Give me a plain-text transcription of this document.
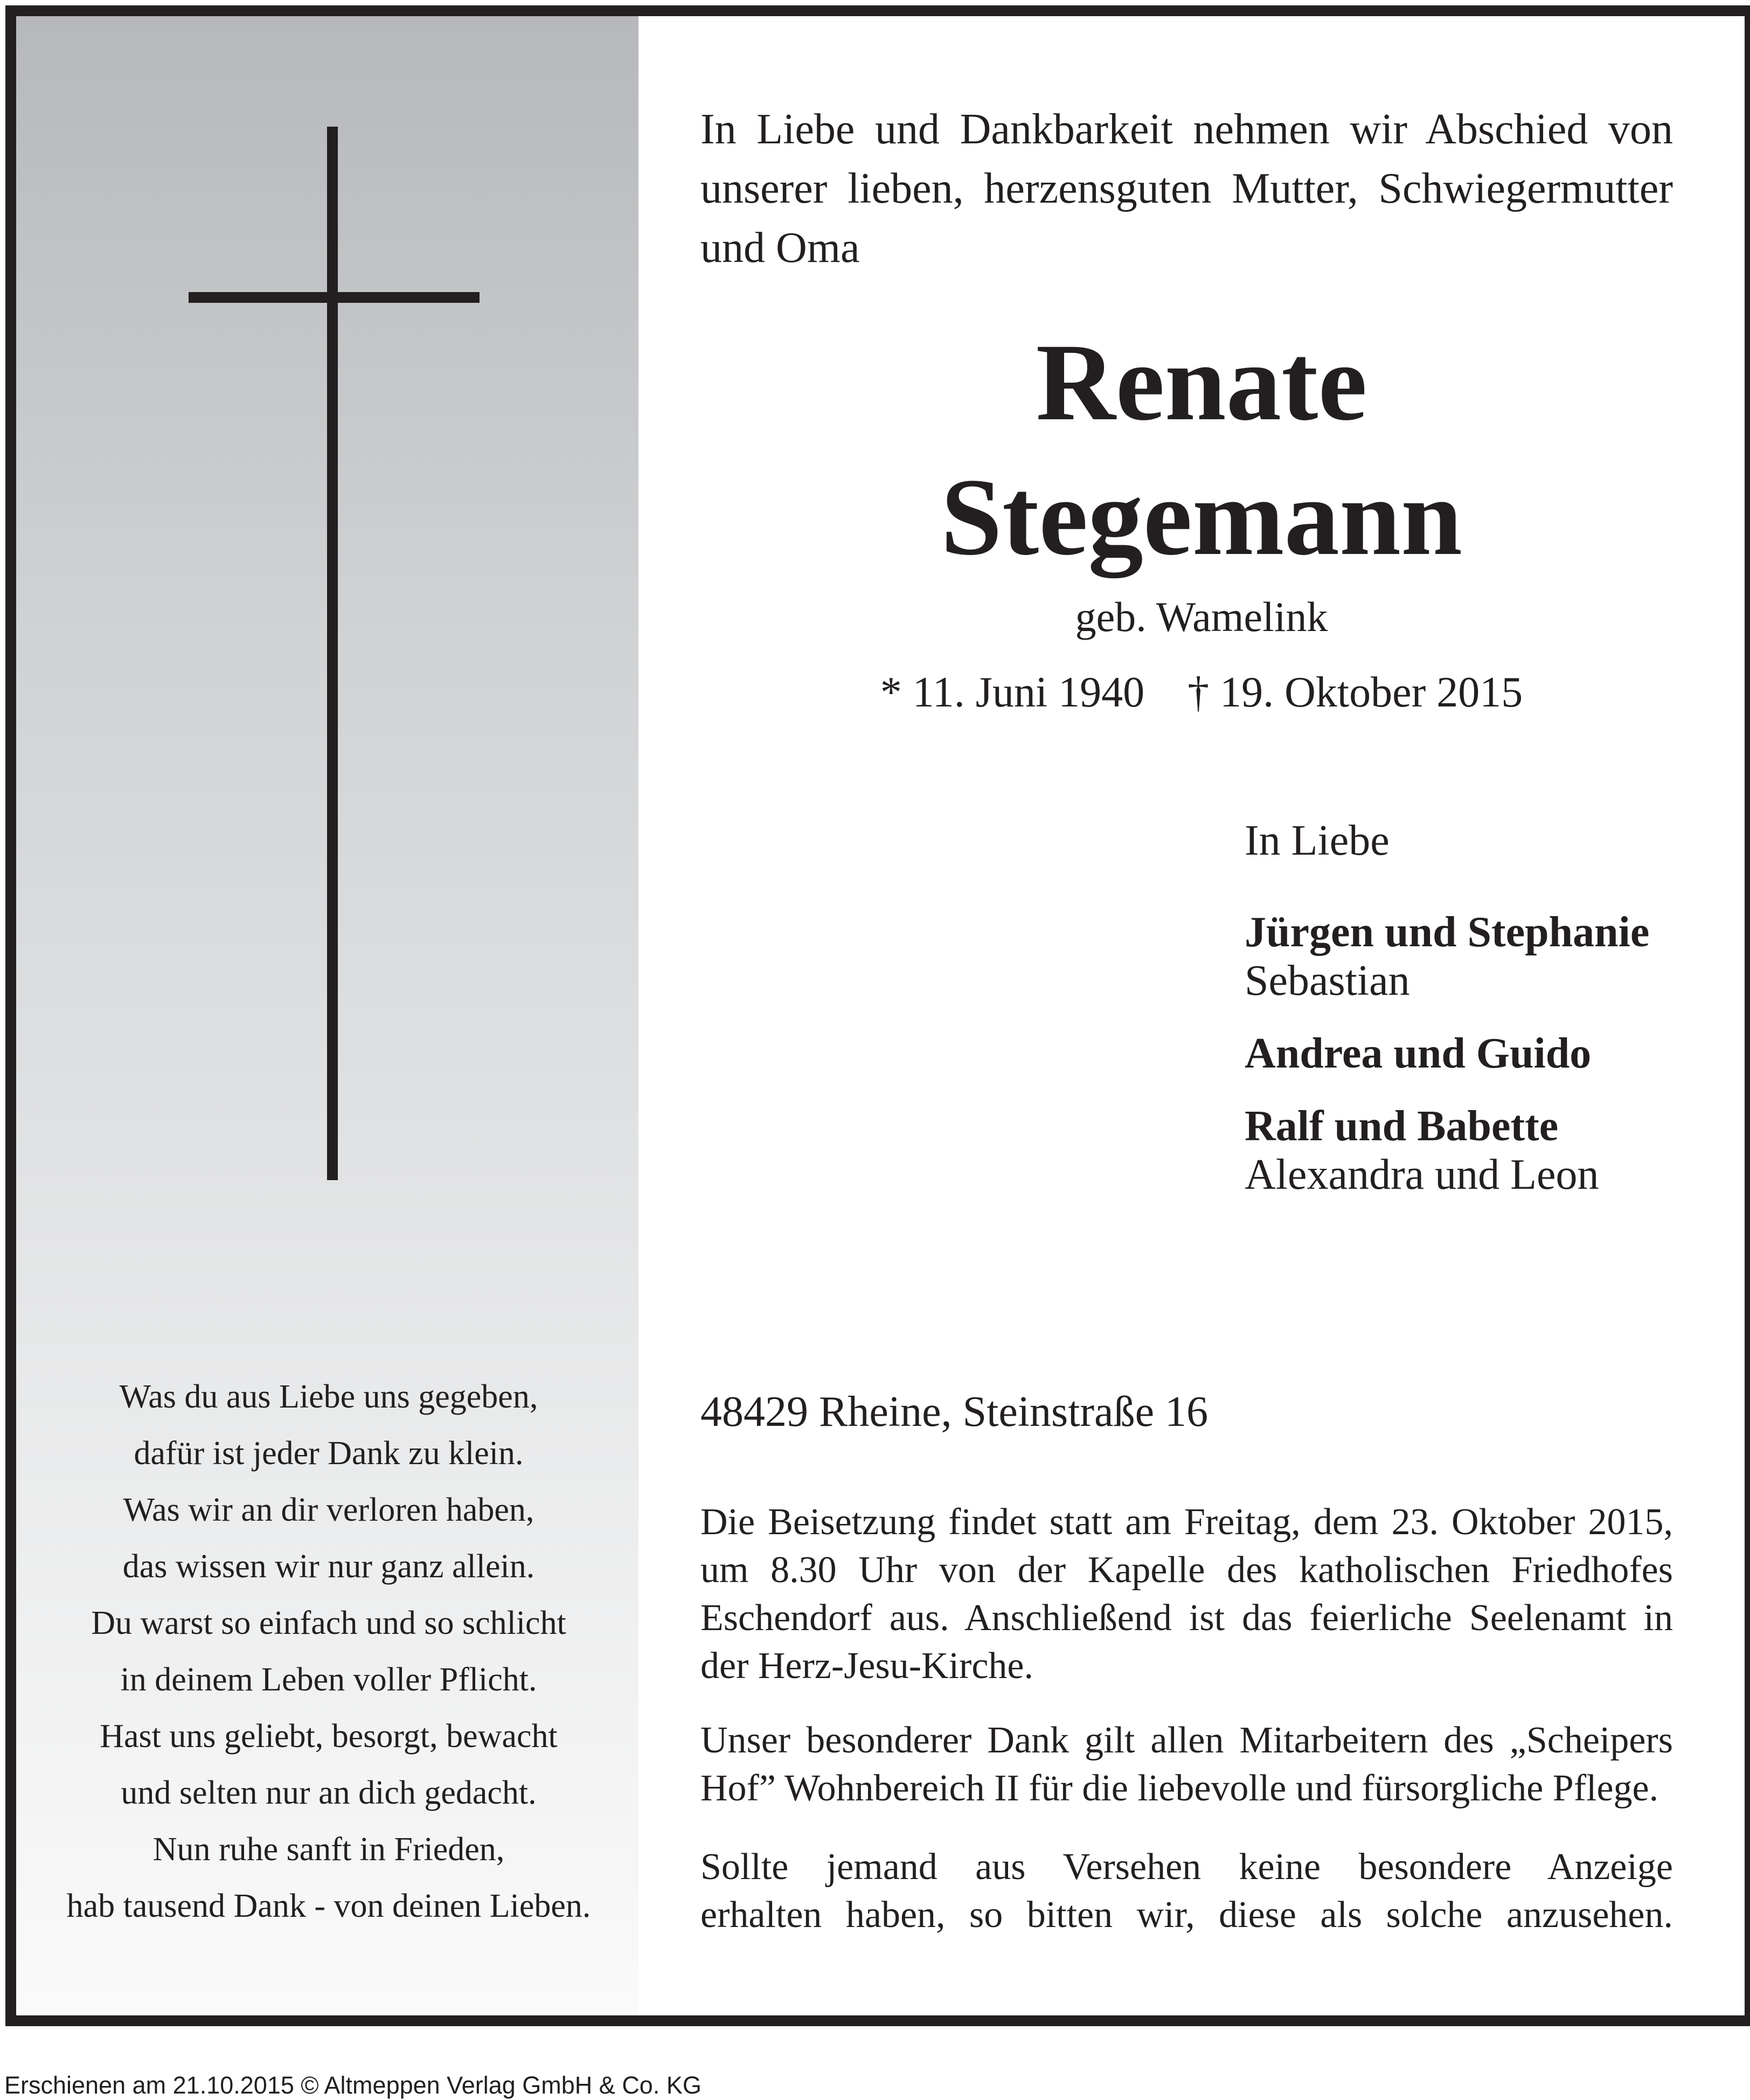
Was du aus Liebe uns gegeben,
dafür ist jeder Dank zu klein.
Was wir an dir verloren haben,
das wissen wir nur ganz allein.
Du warst so einfach und so schlicht
in deinem Leben voller Pflicht.
Hast uns geliebt, besorgt, bewacht
und selten nur an dich gedacht.
Nun ruhe sanft in Frieden,
hab tausend Dank - von deinen Lieben.
In Liebe und Dankbarkeit nehmen wir Abschied von unserer lieben, herzensguten Mutter, Schwiegermutter und Oma
Renate
Stegemann
geb. Wamelink
* 11. Juni 1940 † 19. Oktober 2015
In Liebe
Jürgen und Stephanie
Sebastian
Andrea und Guido
Ralf und Babette
Alexandra und Leon
48429 Rheine, Steinstraße 16
Die Beisetzung findet statt am Freitag, dem 23. Oktober 2015,
um 8.30 Uhr von der Kapelle des katholischen Friedhofes
Eschendorf aus. Anschließend ist das feierliche Seelenamt in
der Herz-Jesu-Kirche.
Unser besonderer Dank gilt allen Mitarbeitern des „Scheipers
Hof” Wohnbereich II für die liebevolle und fürsorgliche Pflege.
Sollte jemand aus Versehen keine besondere Anzeige
erhalten haben, so bitten wir, diese als solche anzusehen.
Erschienen am 21.10.2015 © Altmeppen Verlag GmbH & Co. KG
